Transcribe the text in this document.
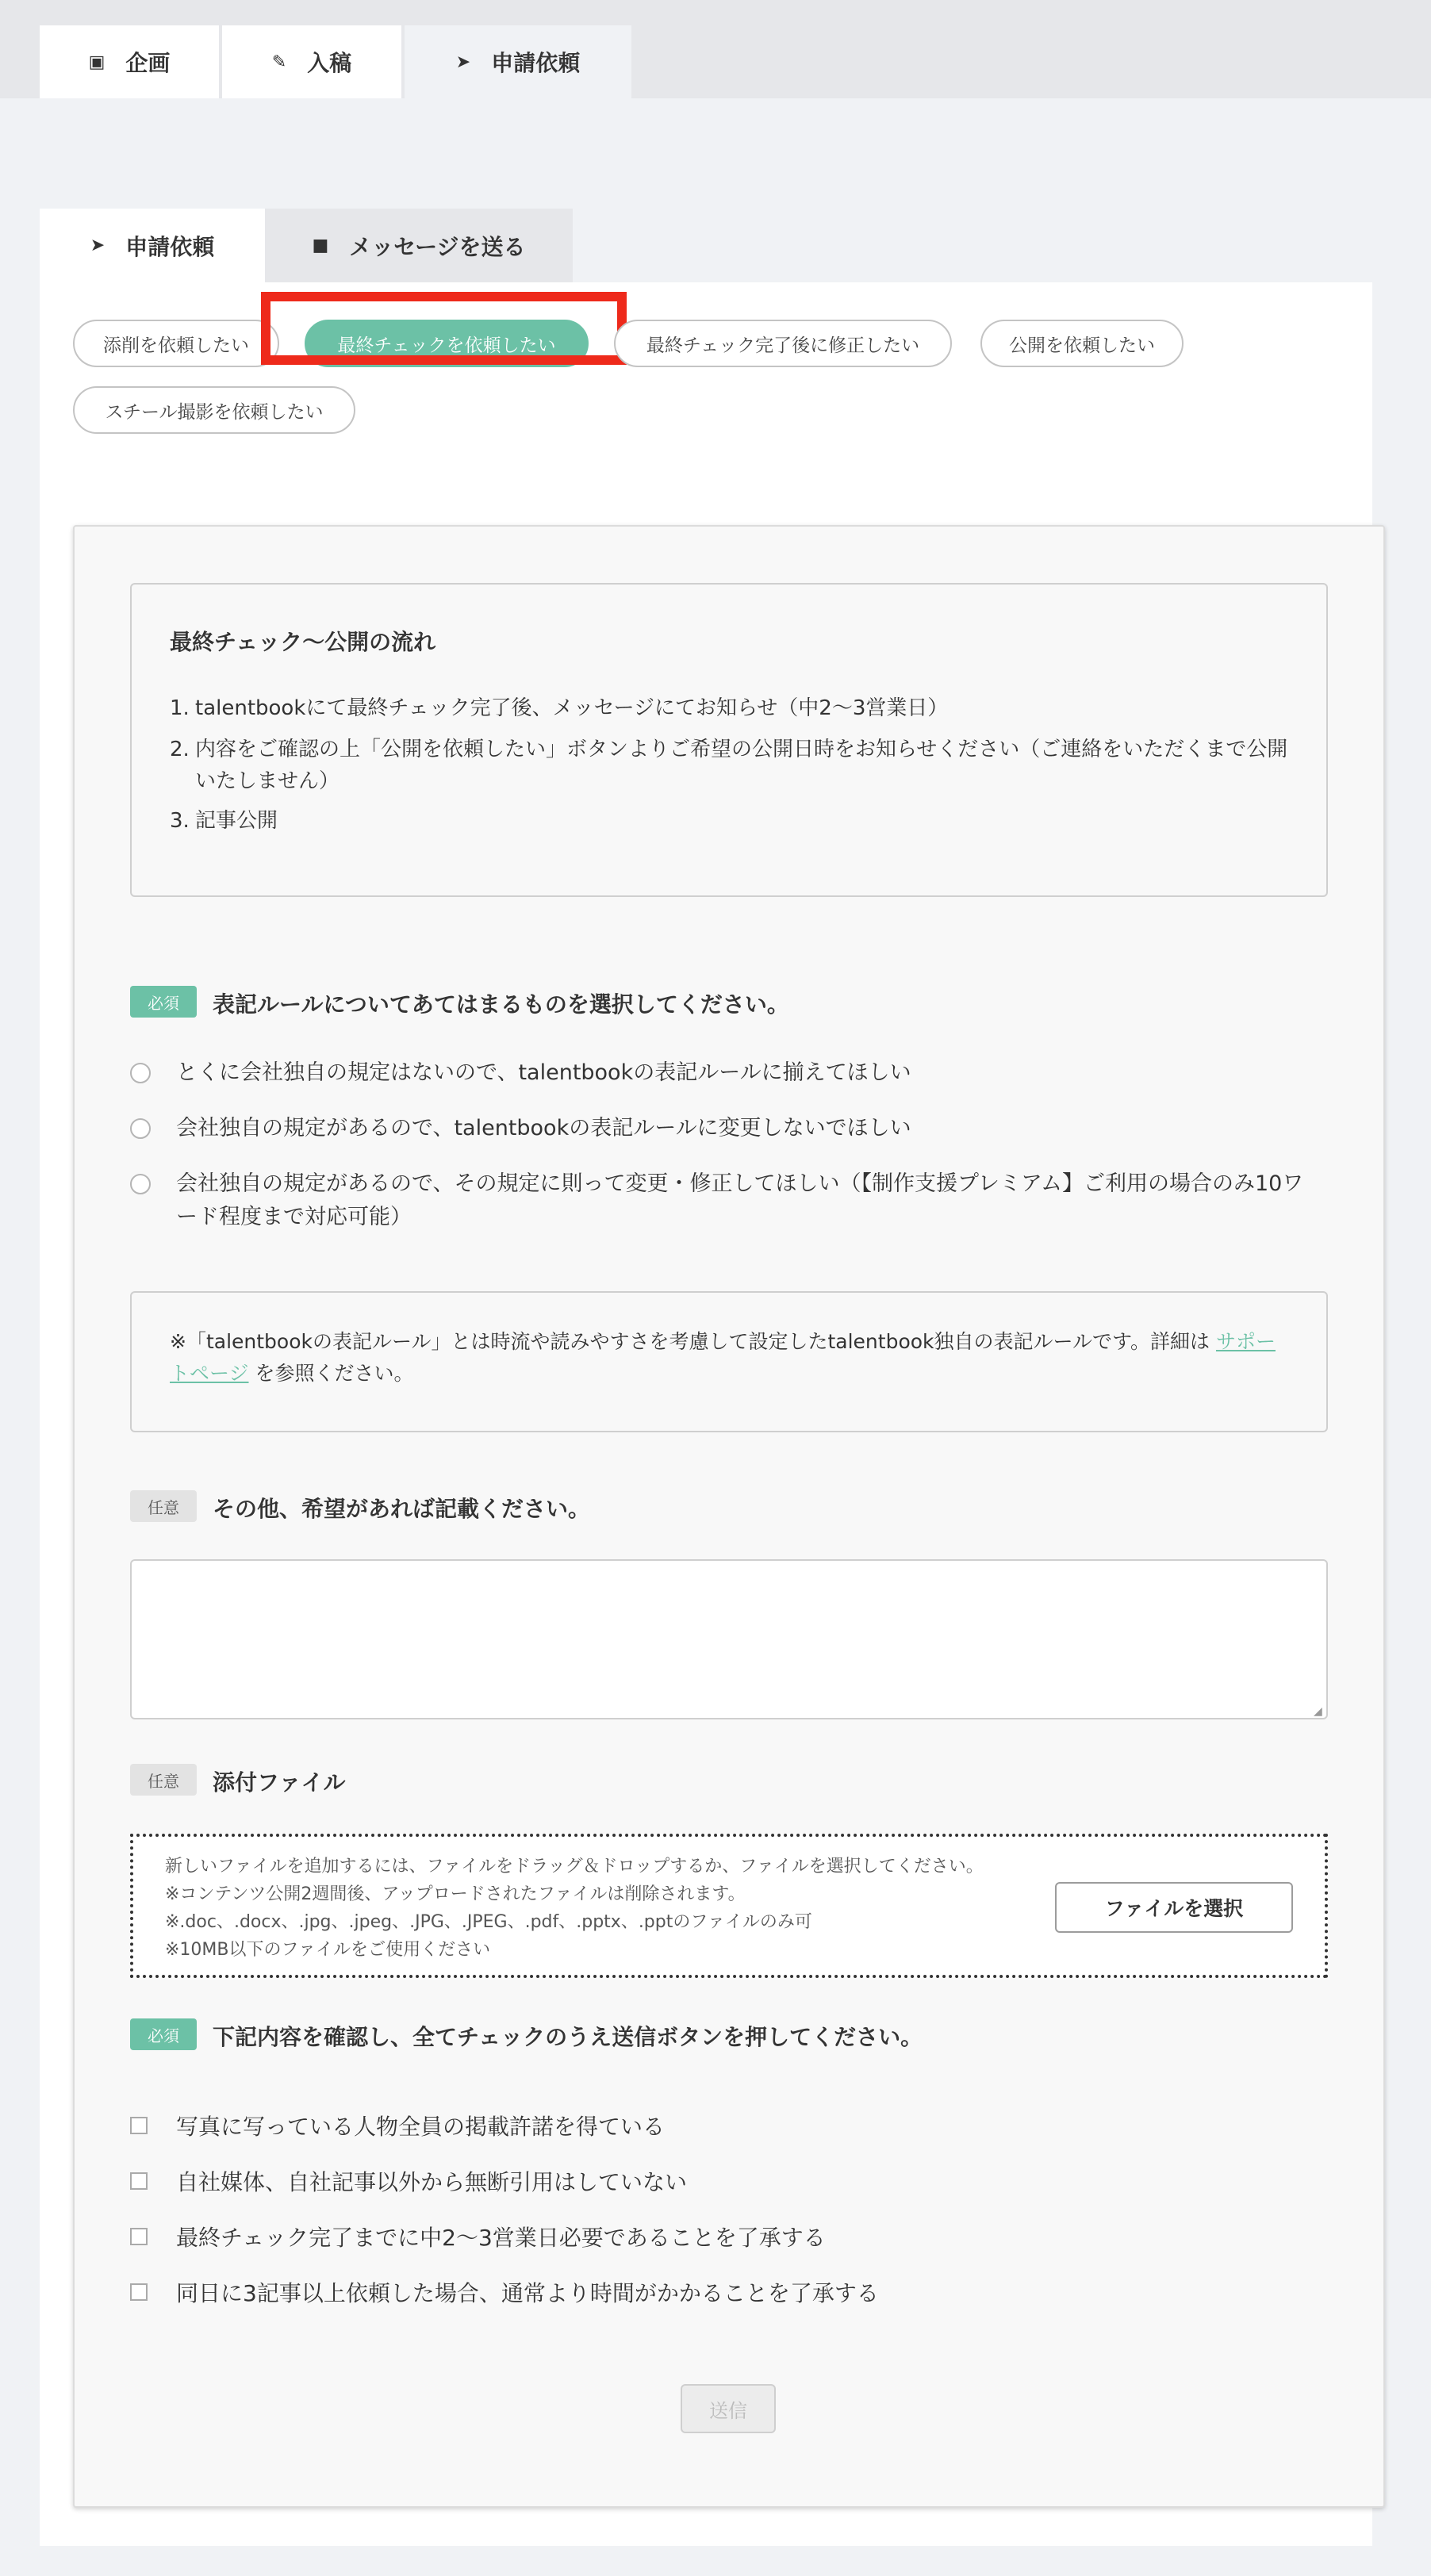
▣ 企画	✎ 入稿	➤ 申請依頼
➤ 申請依頼	■ メッセージを送る
添削を依頼したい	最終チェックを依頼したい	最終チェック完了後に修正したい	公開を依頼したい
スチール撮影を依頼したい
最終チェック〜公開の流れ
1. talentbookにて最終チェック完了後、メッセージにてお知らせ（中2〜3営業日）
2. 内容をご確認の上「公開を依頼したい」ボタンよりご希望の公開日時をお知らせください（ご連絡をいただくまで公開いたしません）
3. 記事公開
必須	表記ルールについてあてはまるものを選択してください。
とくに会社独自の規定はないので、talentbookの表記ルールに揃えてほしい
会社独自の規定があるので、talentbookの表記ルールに変更しないでほしい
会社独自の規定があるので、その規定に則って変更・修正してほしい（【制作支援プレミアム】ご利用の場合のみ10ワード程度まで対応可能）
※「talentbookの表記ルール」とは時流や読みやすさを考慮して設定したtalentbook独自の表記ルールです。詳細は サポートページ を参照ください。
任意	その他、希望があれば記載ください。
◢
任意	添付ファイル
新しいファイルを追加するには、ファイルをドラッグ＆ドロップするか、ファイルを選択してください。
※コンテンツ公開2週間後、アップロードされたファイルは削除されます。
※.doc、.docx、.jpg、.jpeg、.JPG、.JPEG、.pdf、.pptx、.pptのファイルのみ可
※10MB以下のファイルをご使用ください
ファイルを選択
必須	下記内容を確認し、全てチェックのうえ送信ボタンを押してください。
写真に写っている人物全員の掲載許諾を得ている
自社媒体、自社記事以外から無断引用はしていない
最終チェック完了までに中2〜3営業日必要であることを了承する
同日に3記事以上依頼した場合、通常より時間がかかることを了承する
送信
